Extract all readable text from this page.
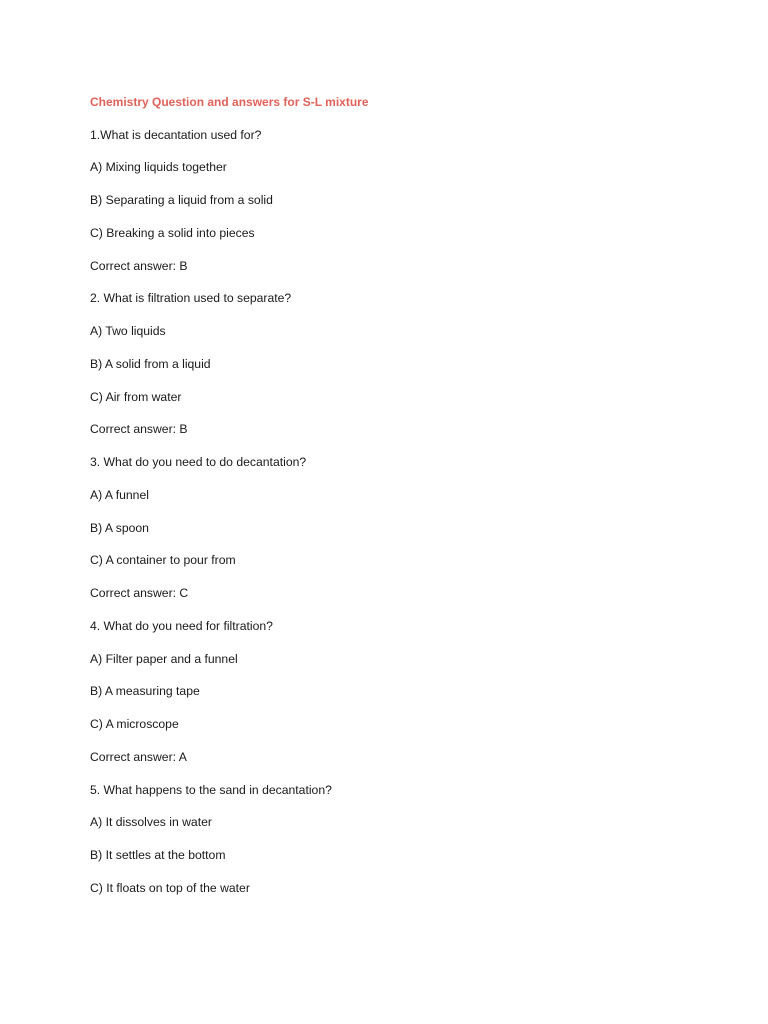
Chemistry Question and answers for S-L mixture

1.What is decantation used for?

A) Mixing liquids together

B) Separating a liquid from a solid

C) Breaking a solid into pieces

Correct answer: B

2. What is filtration used to separate?

A) Two liquids

B) A solid from a liquid

C) Air from water

Correct answer: B

3. What do you need to do decantation?

A) A funnel

B) A spoon

C) A container to pour from

Correct answer: C

4. What do you need for filtration?

A) Filter paper and a funnel

B) A measuring tape

C) A microscope

Correct answer: A

5. What happens to the sand in decantation?

A) It dissolves in water

B) It settles at the bottom

C) It floats on top of the water
